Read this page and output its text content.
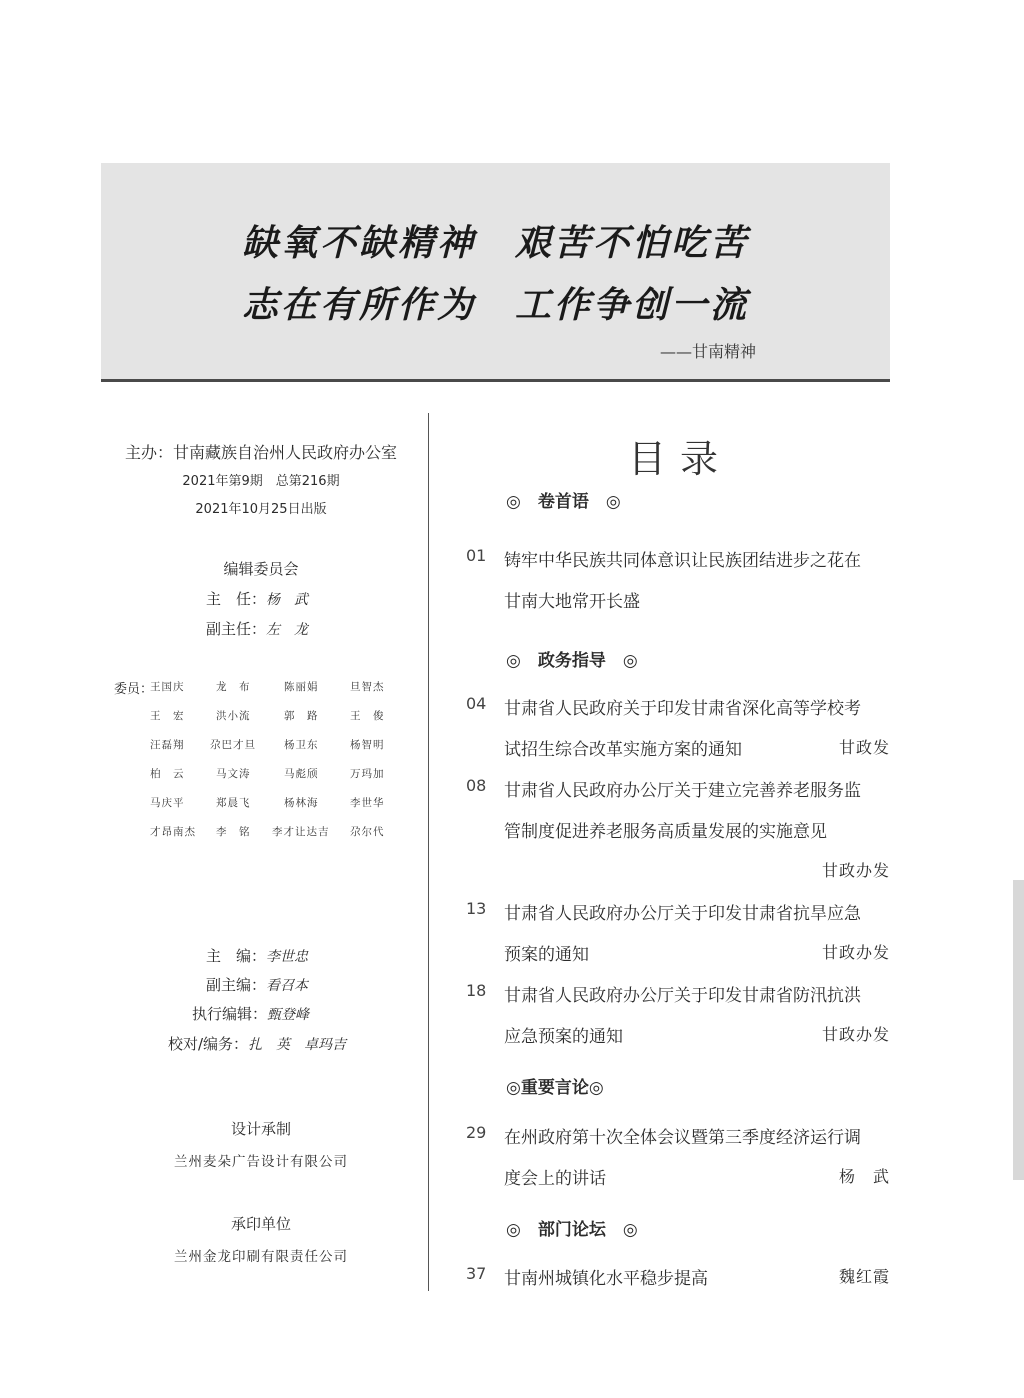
缺氧不缺精神　艰苦不怕吃苦
志在有所作为　工作争创一流
——甘南精神
主办：甘南藏族自治州人民政府办公室
2021年第9期　总第216期
2021年10月25日出版
编辑委员会
主　任：杨　武
副主任：左　龙
委员：
王国庆	龙　布	陈丽娟	旦智杰
王　宏	洪小流	郭　路	王　俊
汪磊翔 尕巴才旦	杨卫东	杨智明
柏　云	马文涛	马彪颀	万玛加
马庆平	郑晨飞	杨林海	李世华
才昂南杰 李　铭 李才让达吉 尕尔代
主　编：李世忠
副主编：看召本
执行编辑：甄登峰
校对/编务：扎　英　卓玛吉
设计承制
兰州麦朵广告设计有限公司
承印单位
兰州金龙印刷有限责任公司
目录
◎　卷首语　◎
01 铸牢中华民族共同体意识让民族团结进步之花在
甘南大地常开长盛
◎　政务指导　◎
04 甘肃省人民政府关于印发甘肃省深化高等学校考
试招生综合改革实施方案的通知	甘政发
08 甘肃省人民政府办公厅关于建立完善养老服务监
管制度促进养老服务高质量发展的实施意见
甘政办发
13 甘肃省人民政府办公厅关于印发甘肃省抗旱应急
预案的通知	甘政办发
18 甘肃省人民政府办公厅关于印发甘肃省防汛抗洪
应急预案的通知	甘政办发
◎重要言论◎
29 在州政府第十次全体会议暨第三季度经济运行调
度会上的讲话	杨　武
◎　部门论坛　◎
37 甘南州城镇化水平稳步提高	魏红霞
